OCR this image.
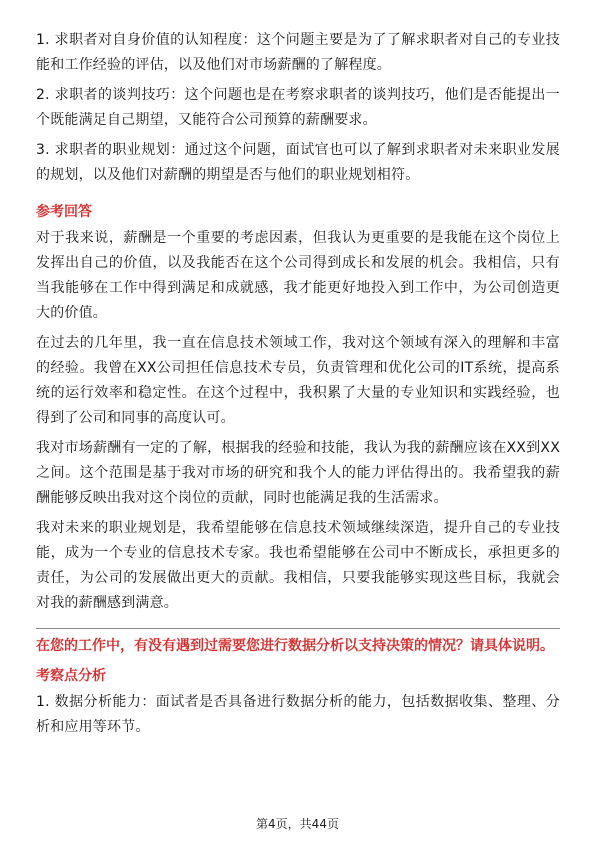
1. 求职者对自身价值的认知程度：这个问题主要是为了了解求职者对自己的专业技能和工作经验的评估，以及他们对市场薪酬的了解程度。

2. 求职者的谈判技巧：这个问题也是在考察求职者的谈判技巧，他们是否能提出一个既能满足自己期望，又能符合公司预算的薪酬要求。

3. 求职者的职业规划：通过这个问题，面试官也可以了解到求职者对未来职业发展的规划，以及他们对薪酬的期望是否与他们的职业规划相符。

参考回答

对于我来说，薪酬是一个重要的考虑因素，但我认为更重要的是我能在这个岗位上发挥出自己的价值，以及我能否在这个公司得到成长和发展的机会。我相信，只有当我能够在工作中得到满足和成就感，我才能更好地投入到工作中，为公司创造更大的价值。

在过去的几年里，我一直在信息技术领域工作，我对这个领域有深入的理解和丰富的经验。我曾在XX公司担任信息技术专员，负责管理和优化公司的IT系统，提高系统的运行效率和稳定性。在这个过程中，我积累了大量的专业知识和实践经验，也得到了公司和同事的高度认可。

我对市场薪酬有一定的了解，根据我的经验和技能，我认为我的薪酬应该在XX到XX之间。这个范围是基于我对市场的研究和我个人的能力评估得出的。我希望我的薪酬能够反映出我对这个岗位的贡献，同时也能满足我的生活需求。

我对未来的职业规划是，我希望能够在信息技术领域继续深造，提升自己的专业技能，成为一个专业的信息技术专家。我也希望能够在公司中不断成长，承担更多的责任，为公司的发展做出更大的贡献。我相信，只要我能够实现这些目标，我就会对我的薪酬感到满意。

在您的工作中，有没有遇到过需要您进行数据分析以支持决策的情况？请具体说明。
考察点分析

1. 数据分析能力：面试者是否具备进行数据分析的能力，包括数据收集、整理、分析和应用等环节。

第4页，共44页
